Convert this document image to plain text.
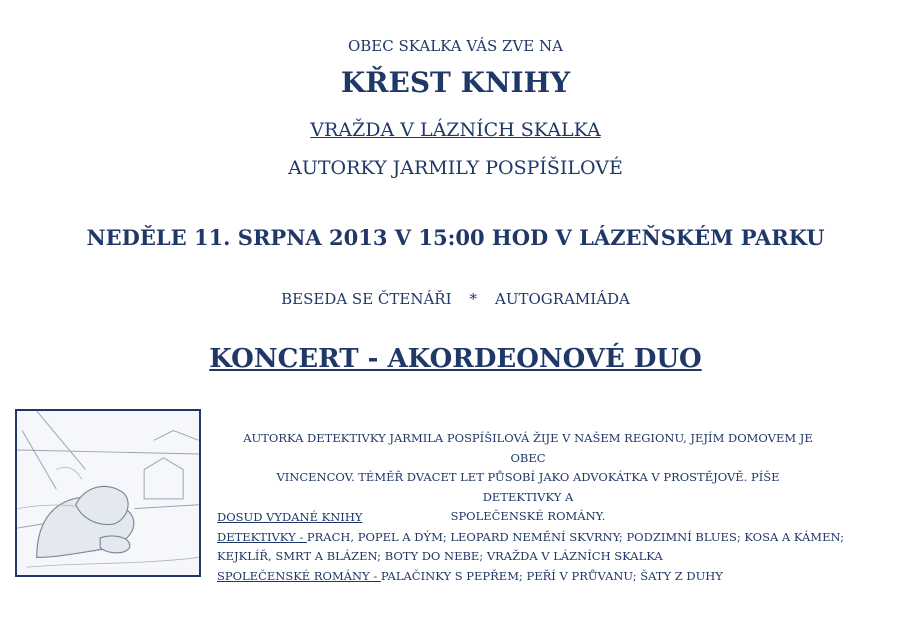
OBEC SKALKA VÁS ZVE NA
KŘEST KNIHY
VRAŽDA V LÁZNÍCH SKALKA
AUTORKY JARMILY POSPÍŠILOVÉ
NEDĚLE 11. SRPNA 2013 V 15:00 HOD V LÁZEŇSKÉM PARKU
BESEDA SE ČTENÁŘI * AUTOGRAMIÁDA
KONCERT - AKORDEONOVÉ DUO
AUTORKA DETEKTIVKY JARMILA POSPÍŠILOVÁ ŽIJE V NAŠEM REGIONU, JEJÍM DOMOVEM JE OBEC
VINCENCOV. TÉMĚŘ DVACET LET PŮSOBÍ JAKO ADVOKÁTKA V PROSTĚJOVĚ. PÍŠE DETEKTIVKY A
SPOLEČENSKÉ ROMÁNY.
DOSUD VYDANÉ KNIHY
DETEKTIVKY - PRACH, POPEL A DÝM; LEOPARD NEMĚNÍ SKVRNY; PODZIMNÍ BLUES; KOSA A KÁMEN;
KEJKLÍŘ, SMRT A BLÁZEN; BOTY DO NEBE; VRAŽDA V LÁZNÍCH SKALKA
SPOLEČENSKÉ ROMÁNY - PALAČINKY S PEPŘEM; PEŘÍ V PRŮVANU; ŠATY Z DUHY
